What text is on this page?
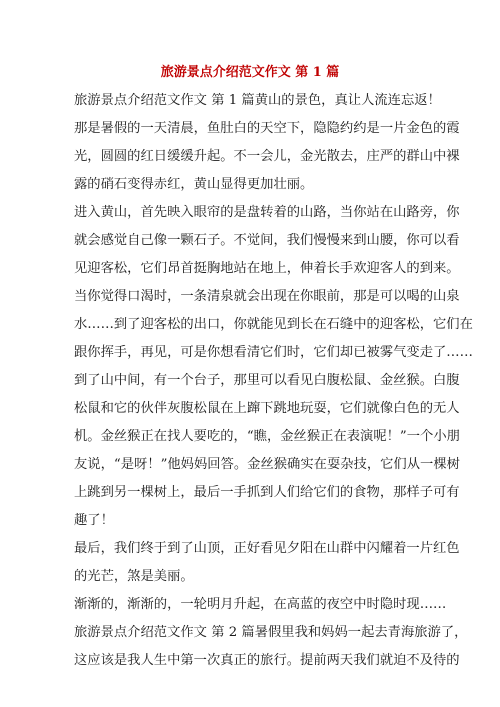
旅游景点介绍范文作文 第 1 篇
旅游景点介绍范文作文 第 1 篇黄山的景色，真让人流连忘返！
那是暑假的一天清晨，鱼肚白的天空下，隐隐约约是一片金色的霞
光，圆圆的红日缓缓升起。不一会儿，金光散去，庄严的群山中裸
露的硝石变得赤红，黄山显得更加壮丽。
进入黄山，首先映入眼帘的是盘转着的山路，当你站在山路旁，你
就会感觉自己像一颗石子。不觉间，我们慢慢来到山腰，你可以看
见迎客松，它们昂首挺胸地站在地上，伸着长手欢迎客人的到来。
当你觉得口渴时，一条清泉就会出现在你眼前，那是可以喝的山泉
水……到了迎客松的出口，你就能见到长在石缝中的迎客松，它们在
跟你挥手，再见，可是你想看清它们时，它们却已被雾气变走了……
到了山中间，有一个台子，那里可以看见白腹松鼠、金丝猴。白腹
松鼠和它的伙伴灰腹松鼠在上蹿下跳地玩耍，它们就像白色的无人
机。金丝猴正在找人要吃的，“瞧，金丝猴正在表演呢！”一个小朋
友说，“是呀！”他妈妈回答。金丝猴确实在耍杂技，它们从一棵树
上跳到另一棵树上，最后一手抓到人们给它们的食物，那样子可有
趣了！
最后，我们终于到了山顶，正好看见夕阳在山群中闪耀着一片红色
的光芒，煞是美丽。
渐渐的，渐渐的，一轮明月升起，在高蓝的夜空中时隐时现……
旅游景点介绍范文作文 第 2 篇暑假里我和妈妈一起去青海旅游了，
这应该是我人生中第一次真正的旅行。提前两天我们就迫不及待的
